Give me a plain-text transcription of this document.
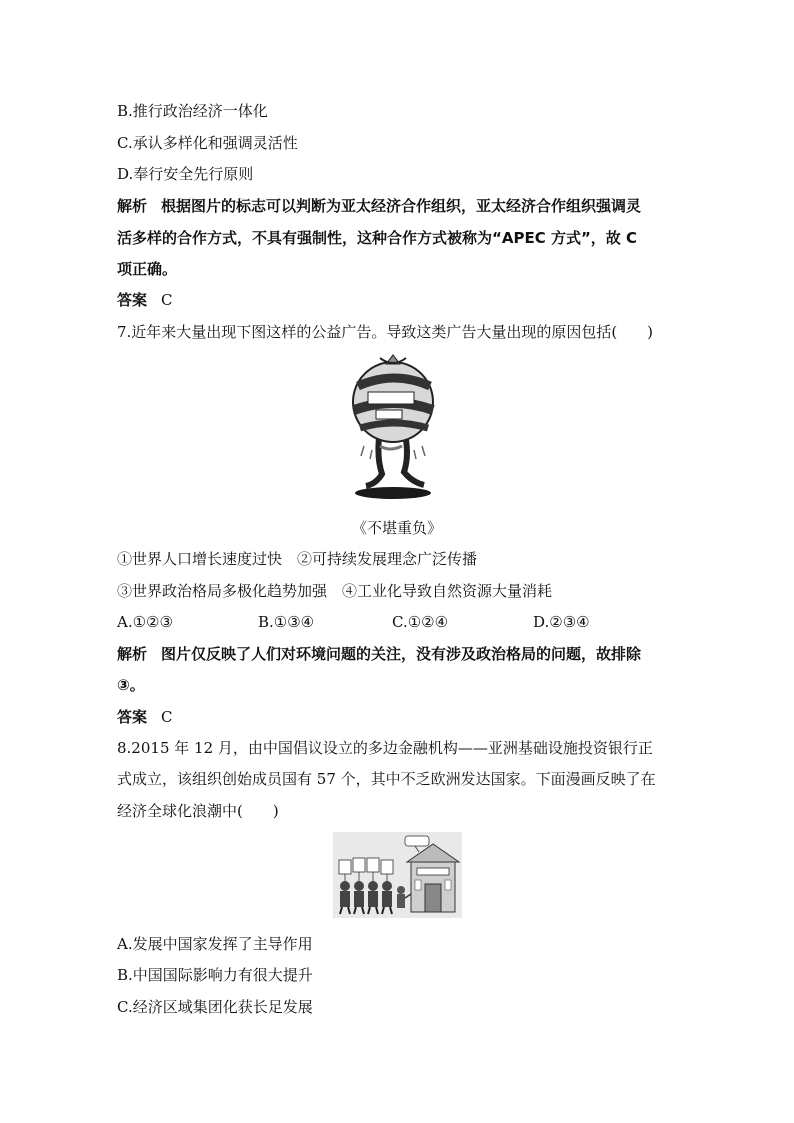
B.推行政治经济一体化
C.承认多样化和强调灵活性
D.奉行安全先行原则
解析 根据图片的标志可以判断为亚太经济合作组织，亚太经济合作组织强调灵
活多样的合作方式，不具有强制性，这种合作方式被称为“APEC 方式”，故 C
项正确。
答案 C
7.近年来大量出现下图这样的公益广告。导致这类广告大量出现的原因包括(　　)
《不堪重负》
①世界人口增长速度过快　②可持续发展理念广泛传播
③世界政治格局多极化趋势加强　④工业化导致自然资源大量消耗
A.①②③	B.①③④	C.①②④	D.②③④
解析 图片仅反映了人们对环境问题的关注，没有涉及政治格局的问题，故排除
③。
答案 C
8.2015 年 12 月，由中国倡议设立的多边金融机构——亚洲基础设施投资银行正
式成立，该组织创始成员国有 57 个，其中不乏欧洲发达国家。下面漫画反映了在
经济全球化浪潮中(　　)
A.发展中国家发挥了主导作用
B.中国国际影响力有很大提升
C.经济区域集团化获长足发展
